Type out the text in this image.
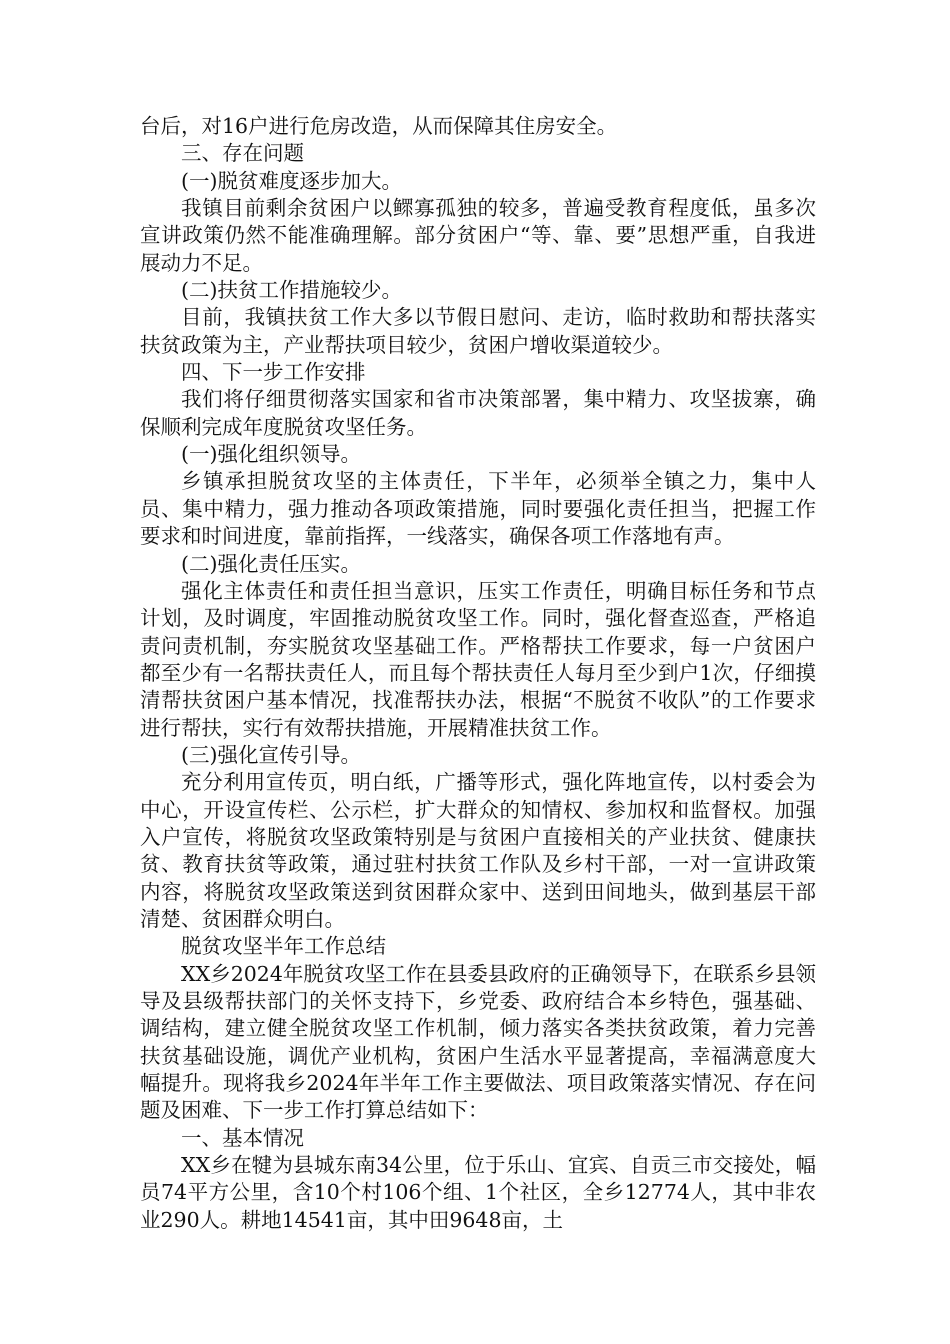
台后，对16户进行危房改造，从而保障其住房安全。

三、存在问题

(一)脱贫难度逐步加大。

我镇目前剩余贫困户以鳏寡孤独的较多，普遍受教育程度低，虽多次宣讲政策仍然不能准确理解。部分贫困户“等、靠、要”思想严重，自我进展动力不足。

(二)扶贫工作措施较少。

目前，我镇扶贫工作大多以节假日慰问、走访，临时救助和帮扶落实扶贫政策为主，产业帮扶项目较少，贫困户增收渠道较少。

四、下一步工作安排

我们将仔细贯彻落实国家和省市决策部署，集中精力、攻坚拔寨，确保顺利完成年度脱贫攻坚任务。

(一)强化组织领导。

乡镇承担脱贫攻坚的主体责任，下半年，必须举全镇之力，集中人员、集中精力，强力推动各项政策措施，同时要强化责任担当，把握工作要求和时间进度，靠前指挥，一线落实，确保各项工作落地有声。

(二)强化责任压实。

强化主体责任和责任担当意识，压实工作责任，明确目标任务和节点计划，及时调度，牢固推动脱贫攻坚工作。同时，强化督查巡查，严格追责问责机制，夯实脱贫攻坚基础工作。严格帮扶工作要求，每一户贫困户都至少有一名帮扶责任人，而且每个帮扶责任人每月至少到户1次，仔细摸清帮扶贫困户基本情况，找准帮扶办法，根据“不脱贫不收队”的工作要求进行帮扶，实行有效帮扶措施，开展精准扶贫工作。

(三)强化宣传引导。

充分利用宣传页，明白纸，广播等形式，强化阵地宣传，以村委会为中心，开设宣传栏、公示栏，扩大群众的知情权、参加权和监督权。加强入户宣传，将脱贫攻坚政策特别是与贫困户直接相关的产业扶贫、健康扶贫、教育扶贫等政策，通过驻村扶贫工作队及乡村干部，一对一宣讲政策内容，将脱贫攻坚政策送到贫困群众家中、送到田间地头，做到基层干部清楚、贫困群众明白。

脱贫攻坚半年工作总结

XX乡2024年脱贫攻坚工作在县委县政府的正确领导下，在联系乡县领导及县级帮扶部门的关怀支持下，乡党委、政府结合本乡特色，强基础、调结构，建立健全脱贫攻坚工作机制，倾力落实各类扶贫政策，着力完善扶贫基础设施，调优产业机构，贫困户生活水平显著提高，幸福满意度大幅提升。现将我乡2024年半年工作主要做法、项目政策落实情况、存在问题及困难、下一步工作打算总结如下：

一、基本情况

XX乡在犍为县城东南34公里，位于乐山、宜宾、自贡三市交接处，幅员74平方公里，含10个村106个组、1个社区，全乡12774人，其中非农业290人。耕地14541亩，其中田9648亩，土
